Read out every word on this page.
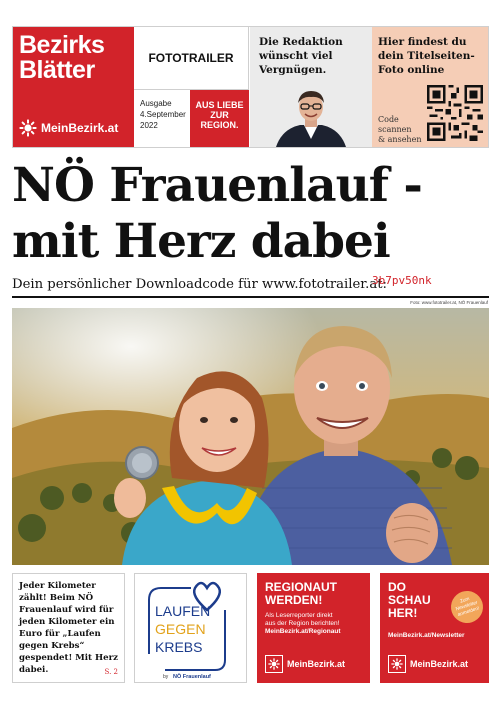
Bezirks
Blätter
MeinBezirk.at
FOTOTRAILER
Ausgabe
4.September
2022
AUS LIEBE
ZUR
REGION.
Die Redaktion wünscht viel Vergnügen.
Hier findest du dein Titelseiten-Foto online
Code
scannen
& ansehen
NÖ Frauenlauf -
mit Herz dabei
Dein persönlicher Downloadcode für www.fototrailer.at:
3b7pv50nk
Foto: www.fototrailer.at, NÖ Frauenlauf
Jeder Kilometer zählt! Beim NÖ Frauenlauf wird für jeden Kilometer ein Euro für „Laufen gegen Krebs“ gespendet! Mit Herz dabei.	S. 2
LAUFEN
GEGEN
KREBS
by NÖ Frauenlauf
REGIONAUT
WERDEN!
Als Leserreporter direkt
aus der Region berichten!
MeinBezirk.at/Regionaut
MeinBezirk.at
DO
SCHAU
HER!
Zum Newsletter anmelden!
MeinBezirk.at/Newsletter
MeinBezirk.at
